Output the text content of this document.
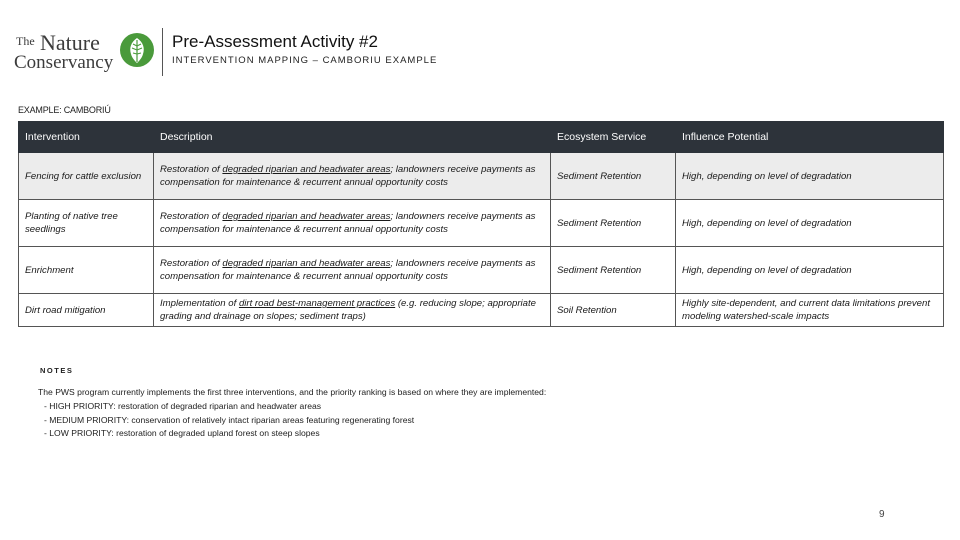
The Nature
Conservancy
Pre-Assessment Activity #2
INTERVENTION MAPPING – CAMBORIU EXAMPLE
EXAMPLE: CAMBORIÚ
Intervention	Description	Ecosystem Service	Influence Potential
Fencing for cattle exclusion	Restoration of degraded riparian and headwater areas; landowners receive payments as compensation for maintenance & recurrent annual opportunity costs	Sediment Retention	High, depending on level of degradation
Planting of native tree seedlings	Restoration of degraded riparian and headwater areas; landowners receive payments as compensation for maintenance & recurrent annual opportunity costs	Sediment Retention	High, depending on level of degradation
Enrichment	Restoration of degraded riparian and headwater areas; landowners receive payments as compensation for maintenance & recurrent annual opportunity costs	Sediment Retention	High, depending on level of degradation
Dirt road mitigation	Implementation of dirt road best-management practices (e.g. reducing slope; appropriate grading and drainage on slopes; sediment traps)	Soil Retention	Highly site-dependent, and current data limitations prevent modeling watershed-scale impacts
NOTES
The PWS program currently implements the first three interventions, and the priority ranking is based on where they are implemented:
- HIGH PRIORITY: restoration of degraded riparian and headwater areas
- MEDIUM PRIORITY: conservation of relatively intact riparian areas featuring regenerating forest
- LOW PRIORITY: restoration of degraded upland forest on steep slopes
9
